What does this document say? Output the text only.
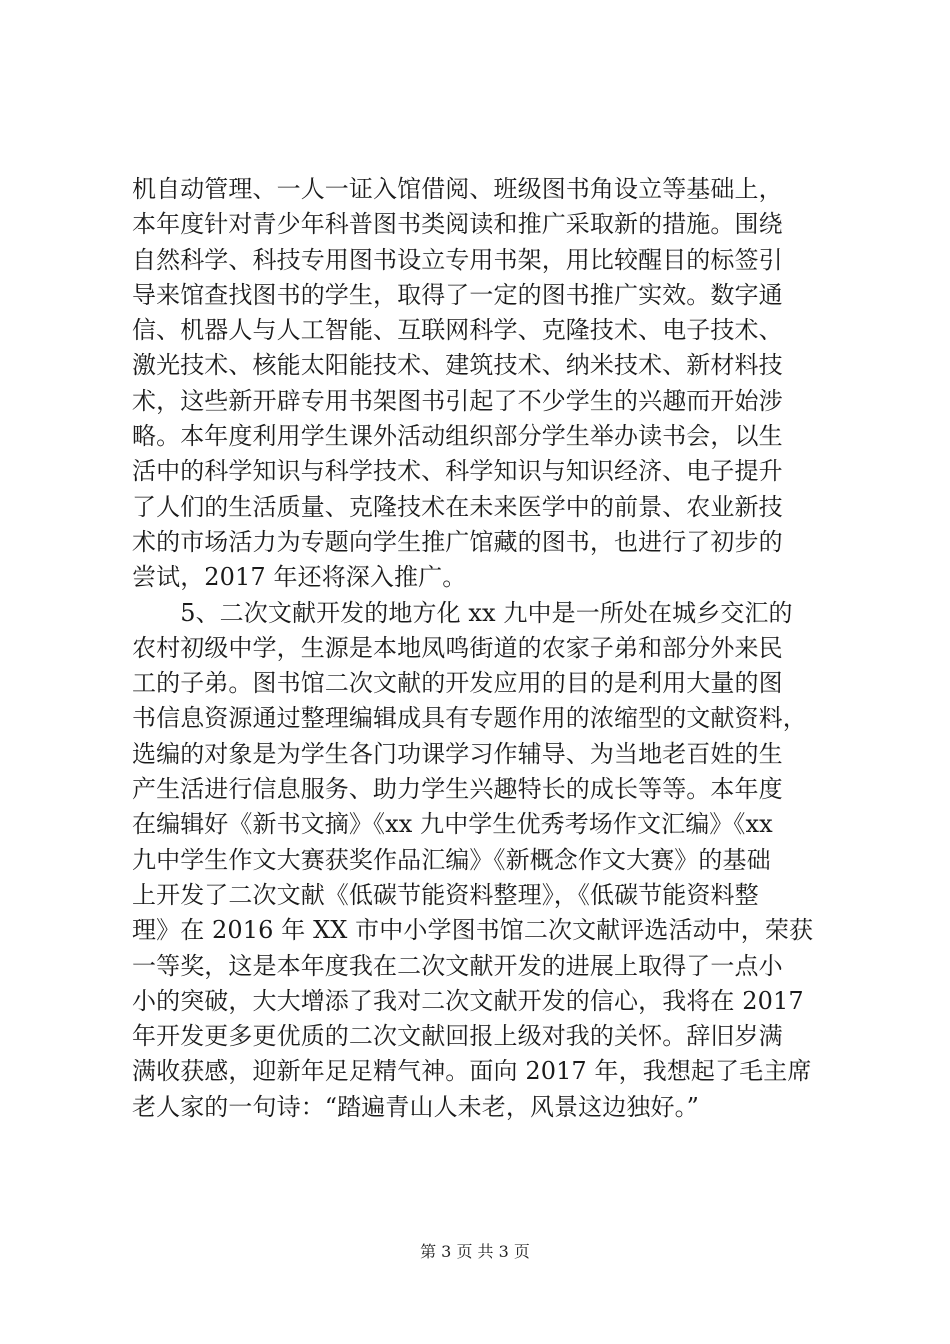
机自动管理、一人一证入馆借阅、班级图书角设立等基础上，
本年度针对青少年科普图书类阅读和推广采取新的措施。围绕
自然科学、科技专用图书设立专用书架，用比较醒目的标签引
导来馆查找图书的学生，取得了一定的图书推广实效。数字通
信、机器人与人工智能、互联网科学、克隆技术、电子技术、
激光技术、核能太阳能技术、建筑技术、纳米技术、新材料技
术，这些新开辟专用书架图书引起了不少学生的兴趣而开始涉
略。本年度利用学生课外活动组织部分学生举办读书会，以生
活中的科学知识与科学技术、科学知识与知识经济、电子提升
了人们的生活质量、克隆技术在未来医学中的前景、农业新技
术的市场活力为专题向学生推广馆藏的图书，也进行了初步的
尝试，2017 年还将深入推广。
　　5、二次文献开发的地方化 xx 九中是一所处在城乡交汇的
农村初级中学，生源是本地凤鸣街道的农家子弟和部分外来民
工的子弟。图书馆二次文献的开发应用的目的是利用大量的图
书信息资源通过整理编辑成具有专题作用的浓缩型的文献资料，
选编的对象是为学生各门功课学习作辅导、为当地老百姓的生
产生活进行信息服务、助力学生兴趣特长的成长等等。本年度
在编辑好《新书文摘》《xx 九中学生优秀考场作文汇编》《xx
九中学生作文大赛获奖作品汇编》《新概念作文大赛》的基础
上开发了二次文献《低碳节能资料整理》，《低碳节能资料整
理》在 2016 年 XX 市中小学图书馆二次文献评选活动中，荣获
一等奖，这是本年度我在二次文献开发的进展上取得了一点小
小的突破，大大增添了我对二次文献开发的信心，我将在 2017
年开发更多更优质的二次文献回报上级对我的关怀。辞旧岁满
满收获感，迎新年足足精气神。面向 2017 年，我想起了毛主席
老人家的一句诗：“踏遍青山人未老，风景这边独好。”
第 3 页 共 3 页
